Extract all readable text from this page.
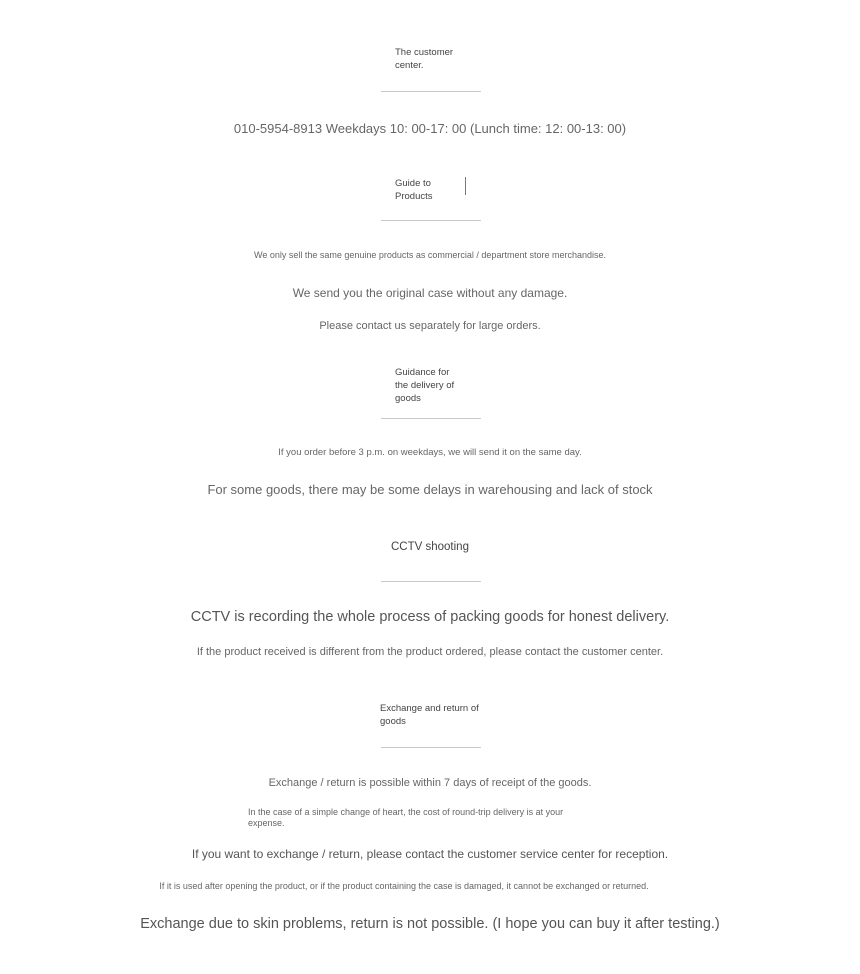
The customer center.
010-5954-8913 Weekdays 10: 00-17: 00 (Lunch time: 12: 00-13: 00)
Guide to Products
We only sell the same genuine products as commercial / department store merchandise.
We send you the original case without any damage.
Please contact us separately for large orders.
Guidance for the delivery of goods
If you order before 3 p.m. on weekdays, we will send it on the same day.
For some goods, there may be some delays in warehousing and lack of stock
CCTV shooting
CCTV is recording the whole process of packing goods for honest delivery.
If the product received is different from the product ordered, please contact the customer center.
Exchange and return of goods
Exchange / return is possible within 7 days of receipt of the goods.
In the case of a simple change of heart, the cost of round-trip delivery is at your expense.
If you want to exchange / return, please contact the customer service center for reception.
If it is used after opening the product, or if the product containing the case is damaged, it cannot be exchanged or returned.
Exchange due to skin problems, return is not possible. (I hope you can buy it after testing.)
